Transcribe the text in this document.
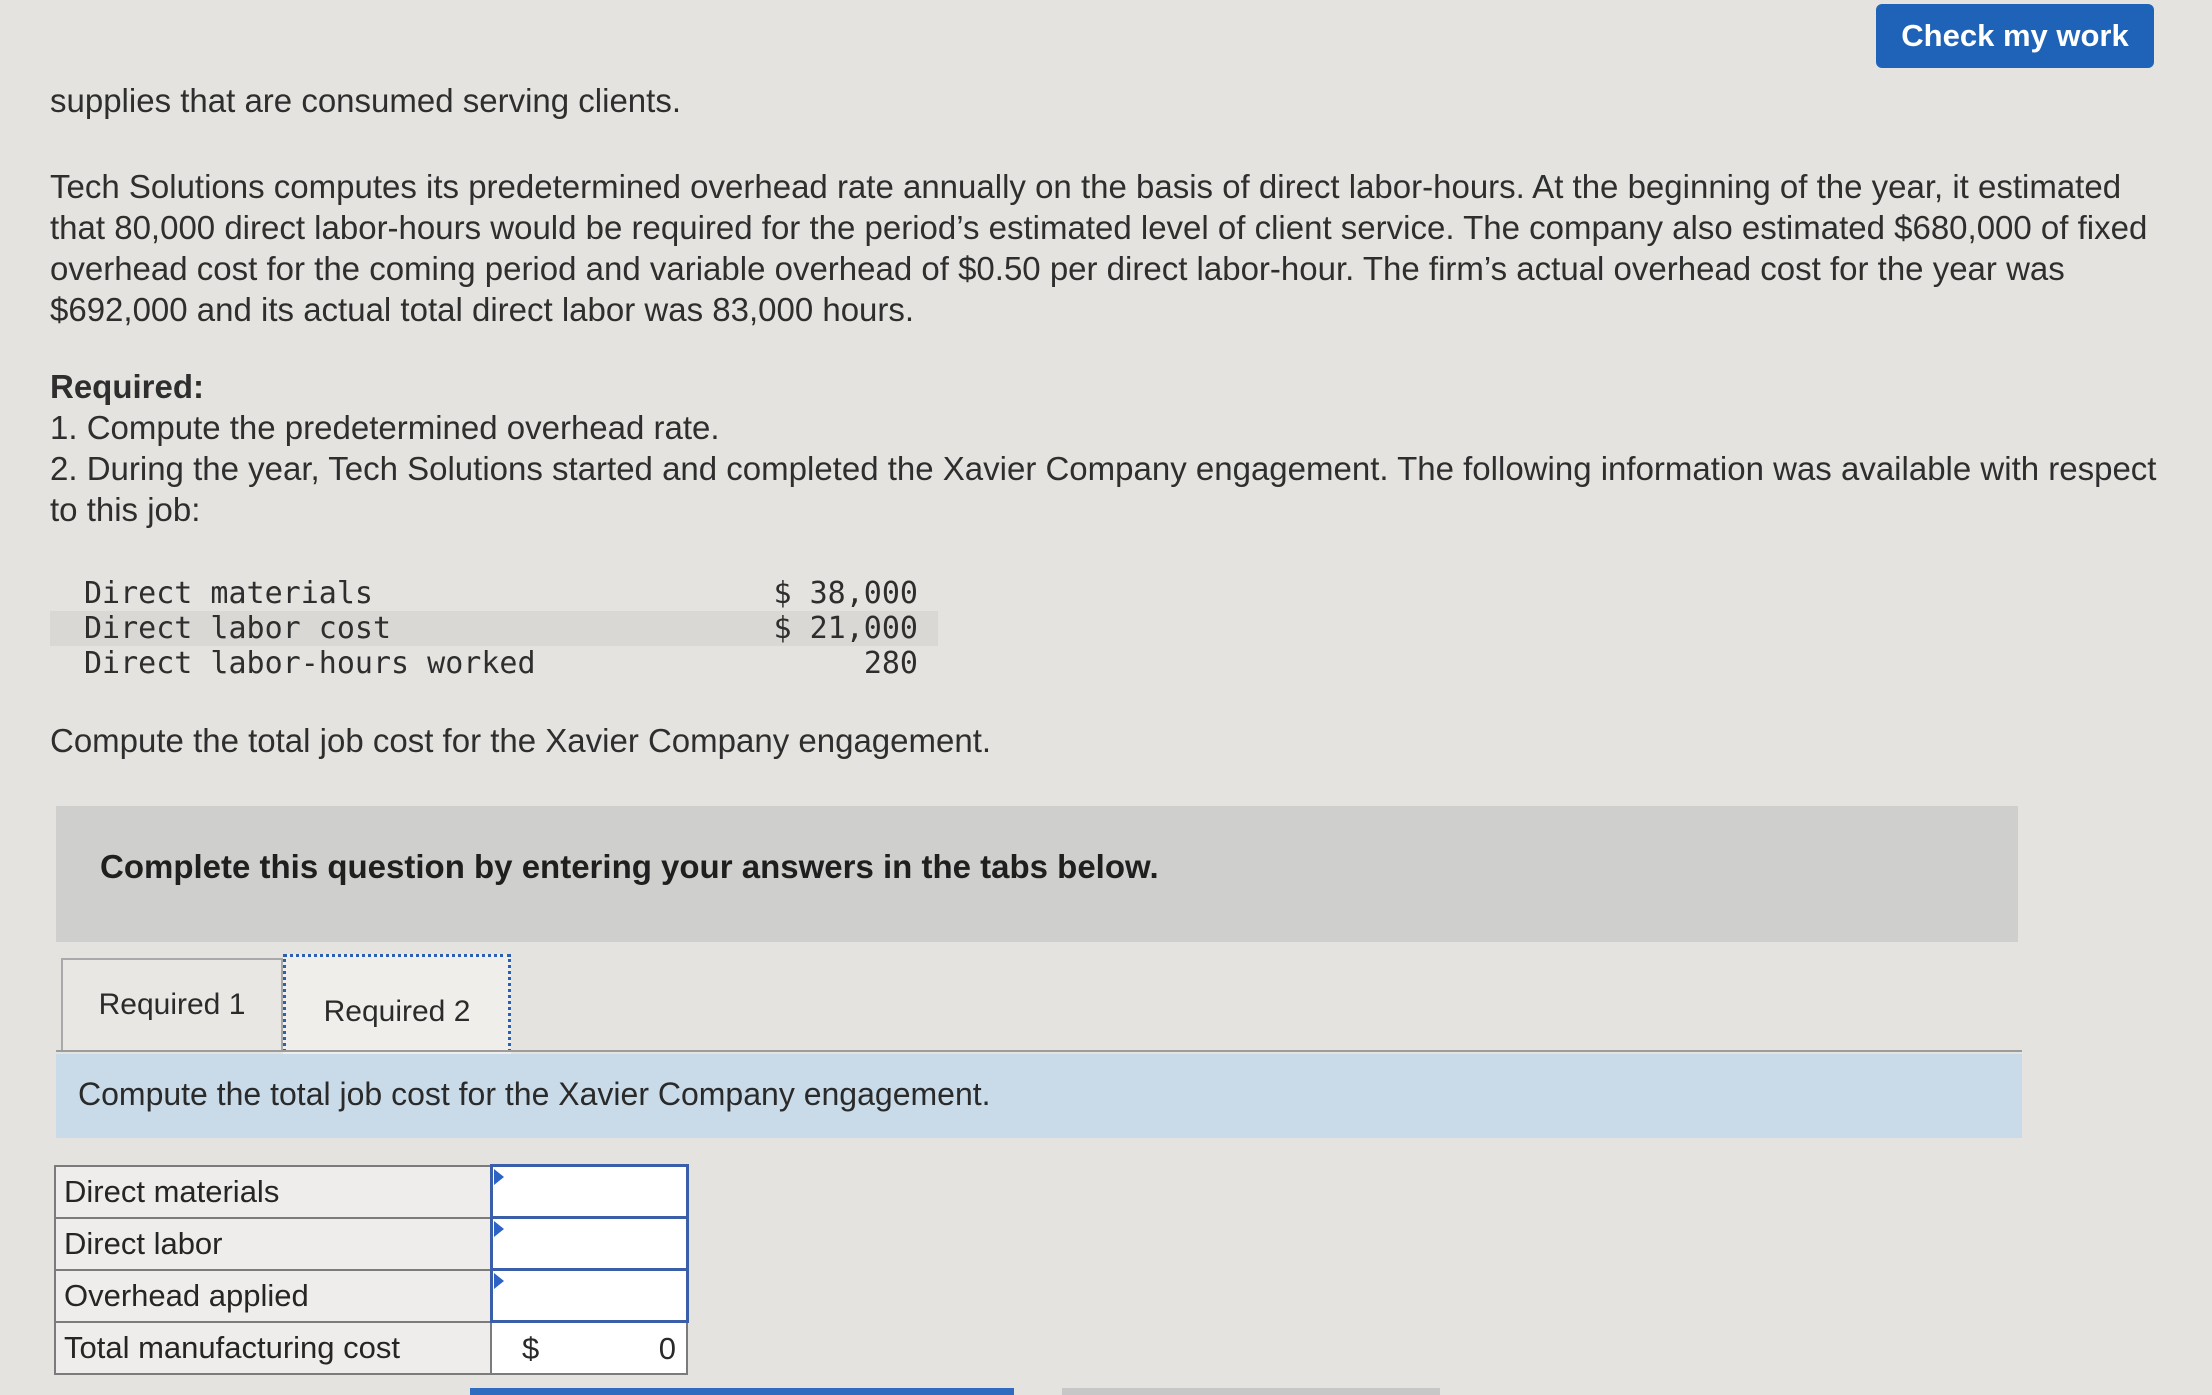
Check my work
supplies that are consumed serving clients.
Tech Solutions computes its predetermined overhead rate annually on the basis of direct labor-hours. At the beginning of the year, it estimated that 80,000 direct labor-hours would be required for the period’s estimated level of client service. The company also estimated $680,000 of fixed overhead cost for the coming period and variable overhead of $0.50 per direct labor-hour. The firm’s actual overhead cost for the year was $692,000 and its actual total direct labor was 83,000 hours.
Required:
1. Compute the predetermined overhead rate.
2. During the year, Tech Solutions started and completed the Xavier Company engagement. The following information was available with respect to this job:
Direct materials	$ 38,000
Direct labor cost	$ 21,000
Direct labor-hours worked	280
Compute the total job cost for the Xavier Company engagement.
Complete this question by entering your answers in the tabs below.
Required 1	Required 2
Compute the total job cost for the Xavier Company engagement.
Direct materials	
Direct labor	
Overhead applied	
Total manufacturing cost	$ 0
